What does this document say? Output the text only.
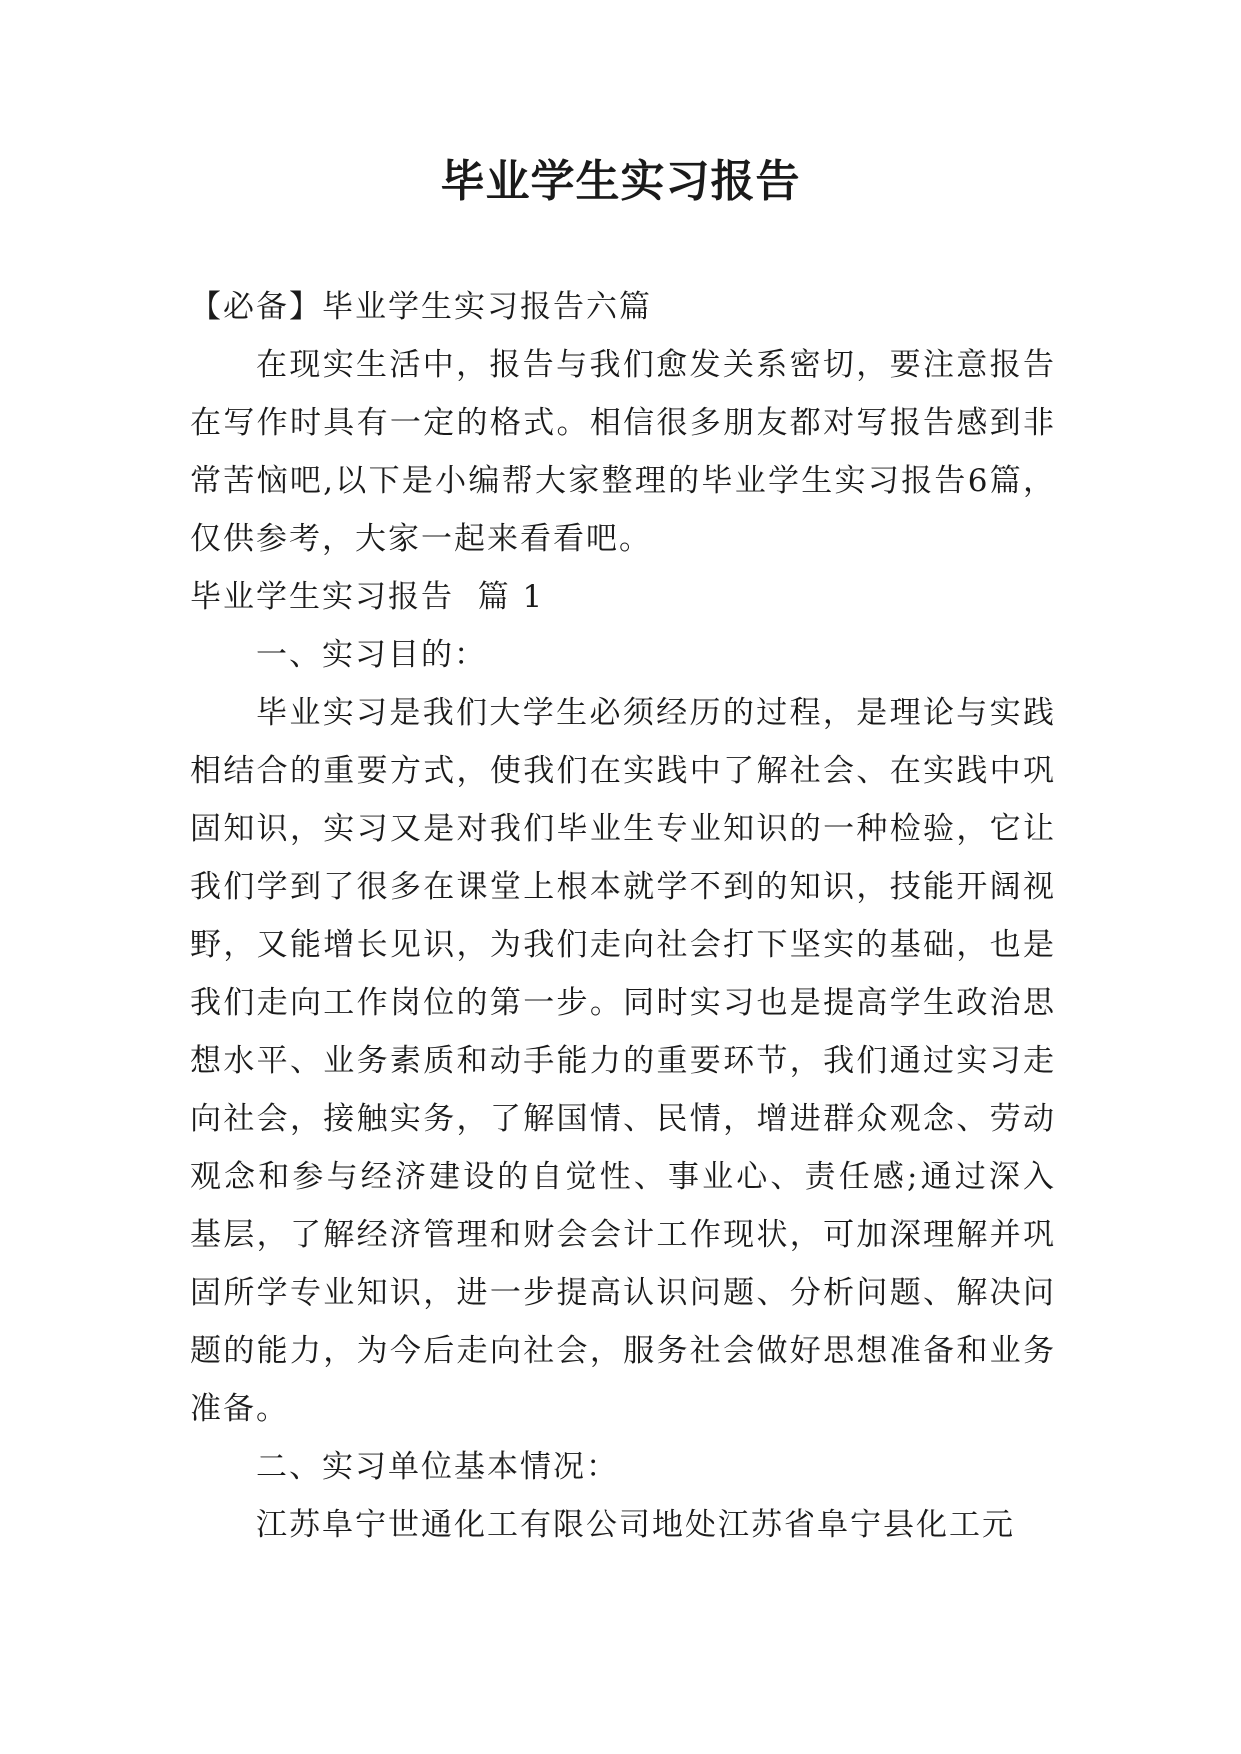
毕业学生实习报告

【必备】毕业学生实习报告六篇

在现实生活中，报告与我们愈发关系密切，要注意报告在写作时具有一定的格式。相信很多朋友都对写报告感到非常苦恼吧,以下是小编帮大家整理的毕业学生实习报告6篇，仅供参考，大家一起来看看吧。

毕业学生实习报告  篇 1

一、实习目的：

毕业实习是我们大学生必须经历的过程，是理论与实践相结合的重要方式，使我们在实践中了解社会、在实践中巩固知识，实习又是对我们毕业生专业知识的一种检验，它让我们学到了很多在课堂上根本就学不到的知识，技能开阔视野，又能增长见识，为我们走向社会打下坚实的基础，也是我们走向工作岗位的第一步。同时实习也是提高学生政治思想水平、业务素质和动手能力的重要环节，我们通过实习走向社会，接触实务，了解国情、民情，增进群众观念、劳动观念和参与经济建设的自觉性、事业心、责任感;通过深入基层，了解经济管理和财会会计工作现状，可加深理解并巩固所学专业知识，进一步提高认识问题、分析问题、解决问题的能力，为今后走向社会，服务社会做好思想准备和业务准备。

二、实习单位基本情况：

江苏阜宁世通化工有限公司地处江苏省阜宁县化工元
